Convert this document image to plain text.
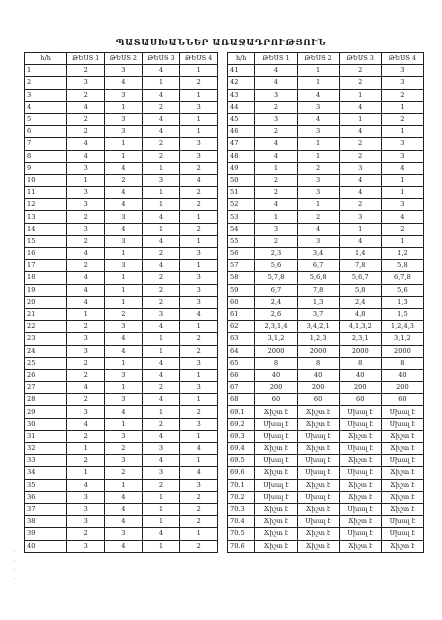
ՊԱՏԱՍԽԱՆՆԵՐ ԱՌԱՋԱԴՐՈՒԹՅՈՒՆ
h/h	ԹԵՍՏ 1	ԹԵՍՏ 2	ԹԵՍՏ 3	ԹԵՍՏ 4
1	2	3	4	1
2	3	4	1	2
3	2	3	4	1
4	4	1	2	3
5	2	3	4	1
6	2	3	4	1
7	4	1	2	3
8	4	1	2	3
9	3	4	1	2
10	1	2	3	4
11	3	4	1	2
12	3	4	1	2
13	2	3	4	1
14	3	4	1	2
15	2	3	4	1
16	4	1	2	3
17	2	3	4	1
18	4	1	2	3
19	4	1	2	3
20	4	1	2	3
21	1	2	3	4
22	2	3	4	1
23	3	4	1	2
24	3	4	1	2
25	2	1	4	3
26	2	3	4	1
27	4	1	2	3
28	2	3	4	1
29	3	4	1	2
30	4	1	2	3
31	2	3	4	1
32	1	2	3	4
33	2	3	4	1
34	1	2	3	4
35	4	1	2	3
36	3	4	1	2
37	3	4	1	2
38	3	4	1	2
39	2	3	4	1
40	3	4	1	2
h/h	ԹԵՍՏ 1	ԹԵՍՏ 2	ԹԵՍՏ 3	ԹԵՍՏ 4
41	4	1	2	3
42	4	1	2	3
43	3	4	1	2
44	2	3	4	1
45	3	4	1	2
46	2	3	4	1
47	4	1	2	3
48	4	1	2	3
49	1	2	3	4
50	2	3	4	1
51	2	3	4	1
52	4	1	2	3
53	1	2	3	4
54	3	4	1	2
55	2	3	4	1
56	2,3	3,4	1,4	1,2
57	5,6	6,7	7,8	5,8
58	5,7,8	5,6,8	5,6,7	6,7,8
59	6,7	7,8	5,8	5,6
60	2,4	1,3	2,4	1,3
61	2,6	3,7	4,8	1,5
62	2,3,1,4	3,4,2,1	4,1,3,2	1,2,4,3
63	3,1,2	1,2,3	2,3,1	3,1,2
64	2000	2000	2000	2000
65	8	8	8	8
66	40	40	40	40
67	200	200	200	200
68	60	60	60	60
69.1	Ճիշտ է	Ճիշտ է	Սխալ է	Սխալ է
69.2	Սխալ է	Ճիշտ է	Սխալ է	Սխալ է
69.3	Սխալ է	Սխալ է	Ճիշտ է	Ճիշտ է
69.4	Ճիշտ է	Ճիշտ է	Սխալ է	Ճիշտ է
69.5	Սխալ է	Սխալ է	Ճիշտ է	Սխալ է
69.6	Ճիշտ է	Սխալ է	Սխալ է	Ճիշտ է
70.1	Սխալ է	Ճիշտ է	Ճիշտ է	Ճիշտ է
70.2	Սխալ է	Սխալ է	Ճիշտ է	Ճիշտ է
70.3	Ճիշտ է	Ճիշտ է	Սխալ է	Ճիշտ է
70.4	Ճիշտ է	Սխալ է	Ճիշտ է	Սխալ է
70.5	Ճիշտ է	Ճիշտ է	Սխալ է	Սխալ է
70.6	Ճիշտ է	Ճիշտ է	Ճիշտ է	Ճիշտ է
·
·
·
·
